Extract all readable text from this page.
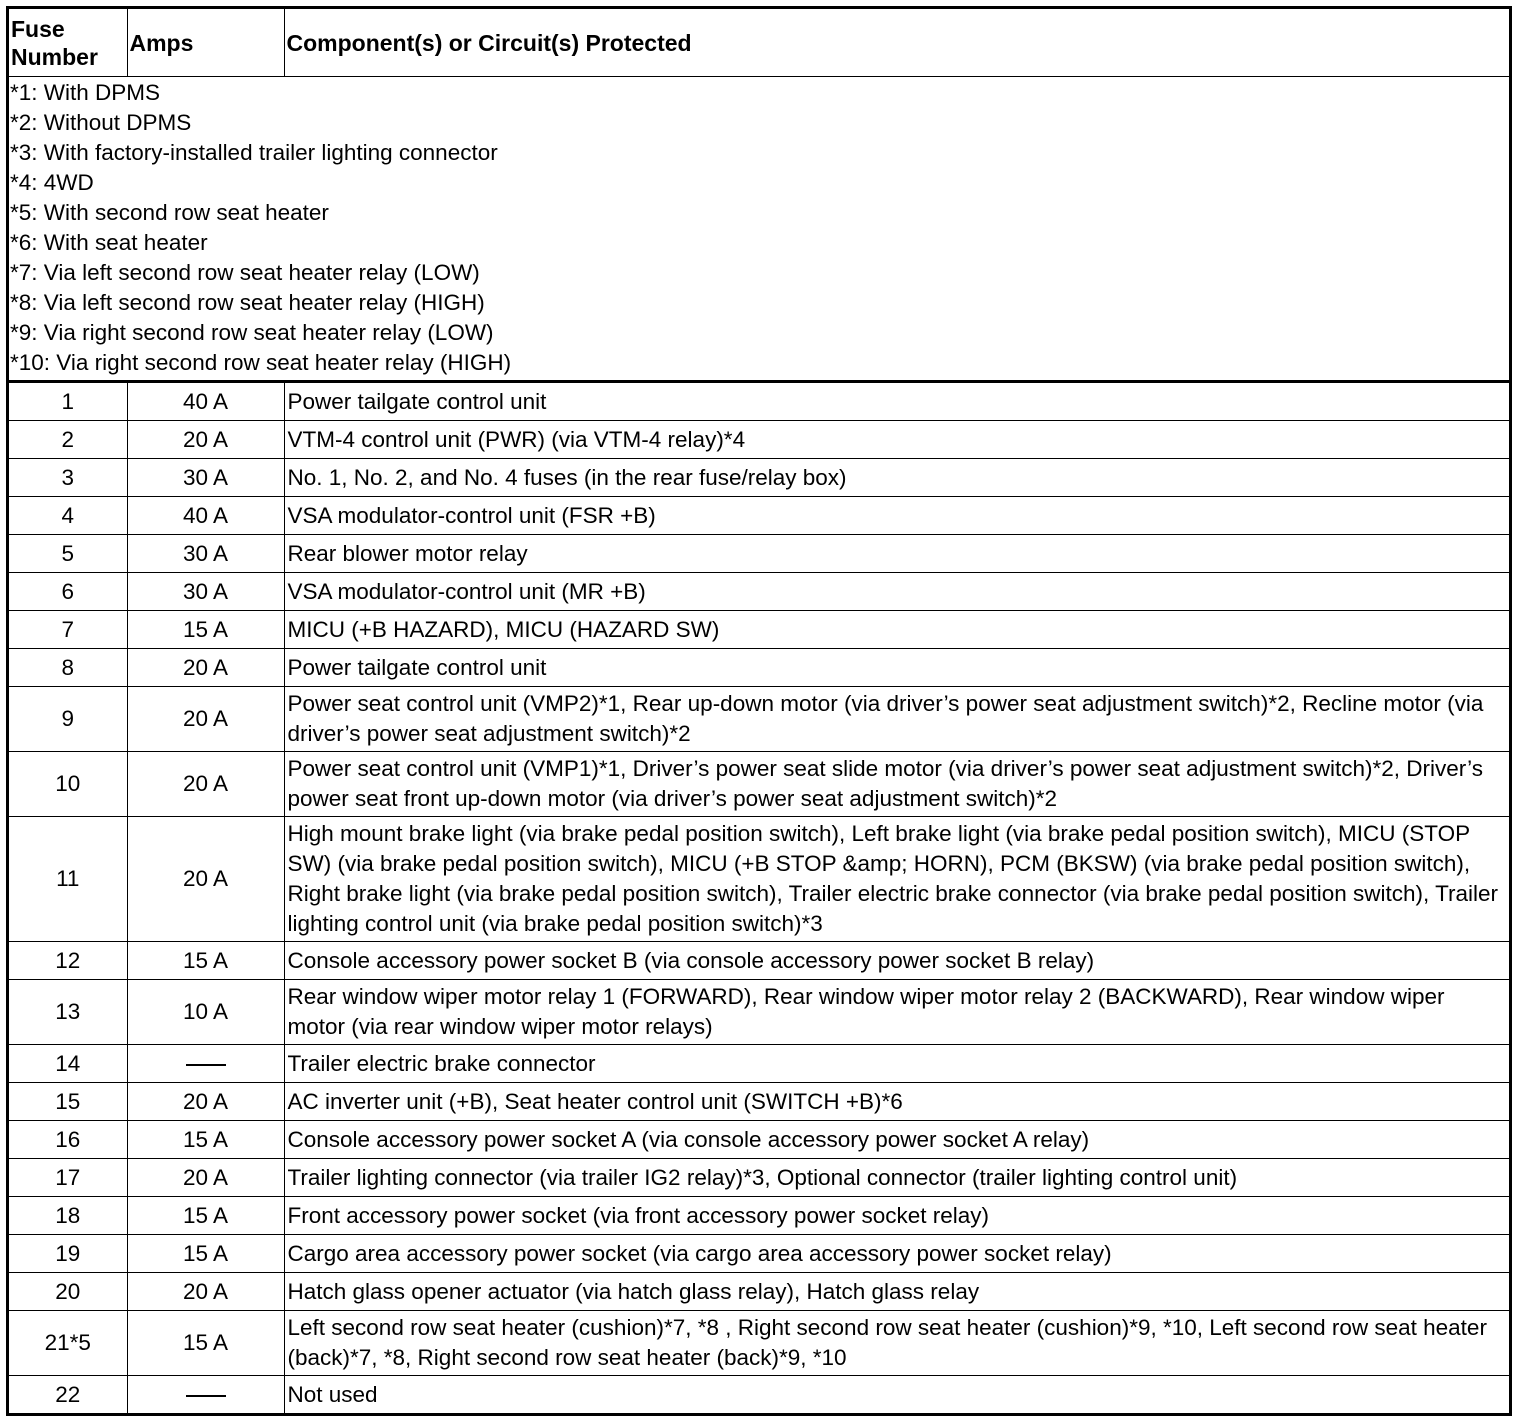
Fuse Number	Amps	Component(s) or Circuit(s) Protected

*1: With DPMS
*2: Without DPMS
*3: With factory-installed trailer lighting connector
*4: 4WD
*5: With second row seat heater
*6: With seat heater
*7: Via left second row seat heater relay (LOW)
*8: Via left second row seat heater relay (HIGH)
*9: Via right second row seat heater relay (LOW)
*10: Via right second row seat heater relay (HIGH)

1	40 A	Power tailgate control unit
2	20 A	VTM-4 control unit (PWR) (via VTM-4 relay)*4
3	30 A	No. 1, No. 2, and No. 4 fuses (in the rear fuse/relay box)
4	40 A	VSA modulator-control unit (FSR +B)
5	30 A	Rear blower motor relay
6	30 A	VSA modulator-control unit (MR +B)
7	15 A	MICU (+B HAZARD), MICU (HAZARD SW)
8	20 A	Power tailgate control unit
9	20 A	Power seat control unit (VMP2)*1, Rear up-down motor (via driver’s power seat adjustment switch)*2, Recline motor (via driver’s power seat adjustment switch)*2
10	20 A	Power seat control unit (VMP1)*1, Driver’s power seat slide motor (via driver’s power seat adjustment switch)*2, Driver’s power seat front up-down motor (via driver’s power seat adjustment switch)*2
11	20 A	High mount brake light (via brake pedal position switch), Left brake light (via brake pedal position switch), MICU (STOP SW) (via brake pedal position switch), MICU (+B STOP &amp; HORN), PCM (BKSW) (via brake pedal position switch), Right brake light (via brake pedal position switch), Trailer electric brake connector (via brake pedal position switch), Trailer lighting control unit (via brake pedal position switch)*3
12	15 A	Console accessory power socket B (via console accessory power socket B relay)
13	10 A	Rear window wiper motor relay 1 (FORWARD), Rear window wiper motor relay 2 (BACKWARD), Rear window wiper motor (via rear window wiper motor relays)
14		Trailer electric brake connector
15	20 A	AC inverter unit (+B), Seat heater control unit (SWITCH +B)*6
16	15 A	Console accessory power socket A (via console accessory power socket A relay)
17	20 A	Trailer lighting connector (via trailer IG2 relay)*3, Optional connector (trailer lighting control unit)
18	15 A	Front accessory power socket (via front accessory power socket relay)
19	15 A	Cargo area accessory power socket (via cargo area accessory power socket relay)
20	20 A	Hatch glass opener actuator (via hatch glass relay), Hatch glass relay
21*5	15 A	Left second row seat heater (cushion)*7, *8 , Right second row seat heater (cushion)*9, *10, Left second row seat heater (back)*7, *8, Right second row seat heater (back)*9, *10
22		Not used
